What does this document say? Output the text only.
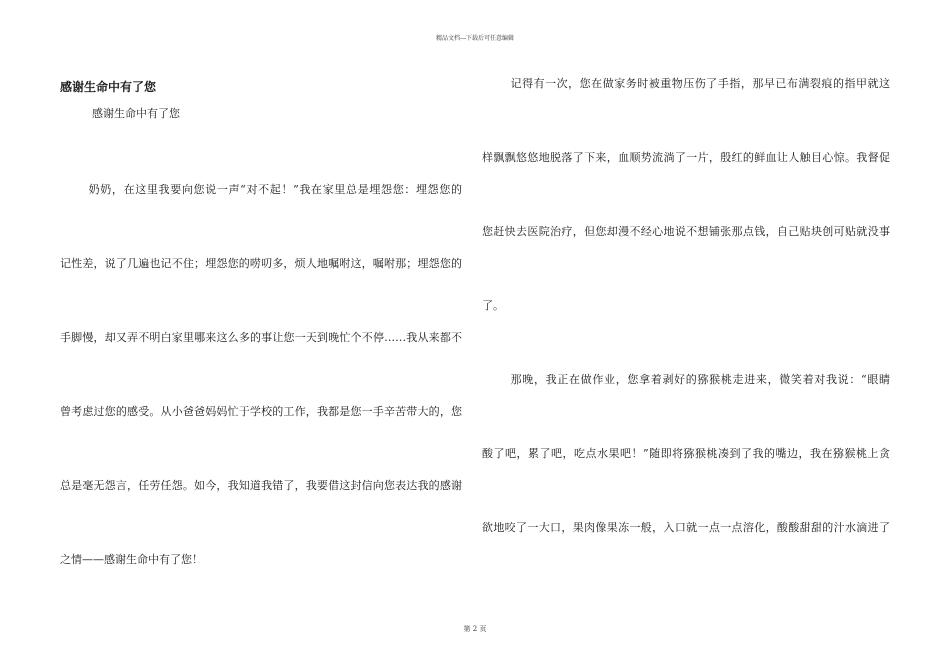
精品文档---下载后可任意编辑
感谢生命中有了您
感谢生命中有了您
奶奶，在这里我要向您说一声“对不起！”我在家里总是埋怨您：埋怨您的
记性差，说了几遍也记不住；埋怨您的唠叨多，烦人地嘱咐这，嘱咐那；埋怨您的
手脚慢，却又弄不明白家里哪来这么多的事让您一天到晚忙个不停……我从来都不
曾考虑过您的感受。从小爸爸妈妈忙于学校的工作，我都是您一手辛苦带大的，您
总是毫无怨言，任劳任怨。如今，我知道我错了，我要借这封信向您表达我的感谢
之情——感谢生命中有了您！
记得有一次，您在做家务时被重物压伤了手指，那早已布满裂痕的指甲就这
样飘飘悠悠地脱落了下来，血顺势流淌了一片，殷红的鲜血让人触目心惊。我督促
您赶快去医院治疗，但您却漫不经心地说不想铺张那点钱，自己贴块创可贴就没事
了。
那晚，我正在做作业，您拿着剥好的猕猴桃走进来，微笑着对我说：“眼睛
酸了吧，累了吧，吃点水果吧！”随即将猕猴桃凑到了我的嘴边，我在猕猴桃上贪
欲地咬了一大口，果肉像果冻一般，入口就一点一点溶化，酸酸甜甜的汁水滴进了
第 2 页
